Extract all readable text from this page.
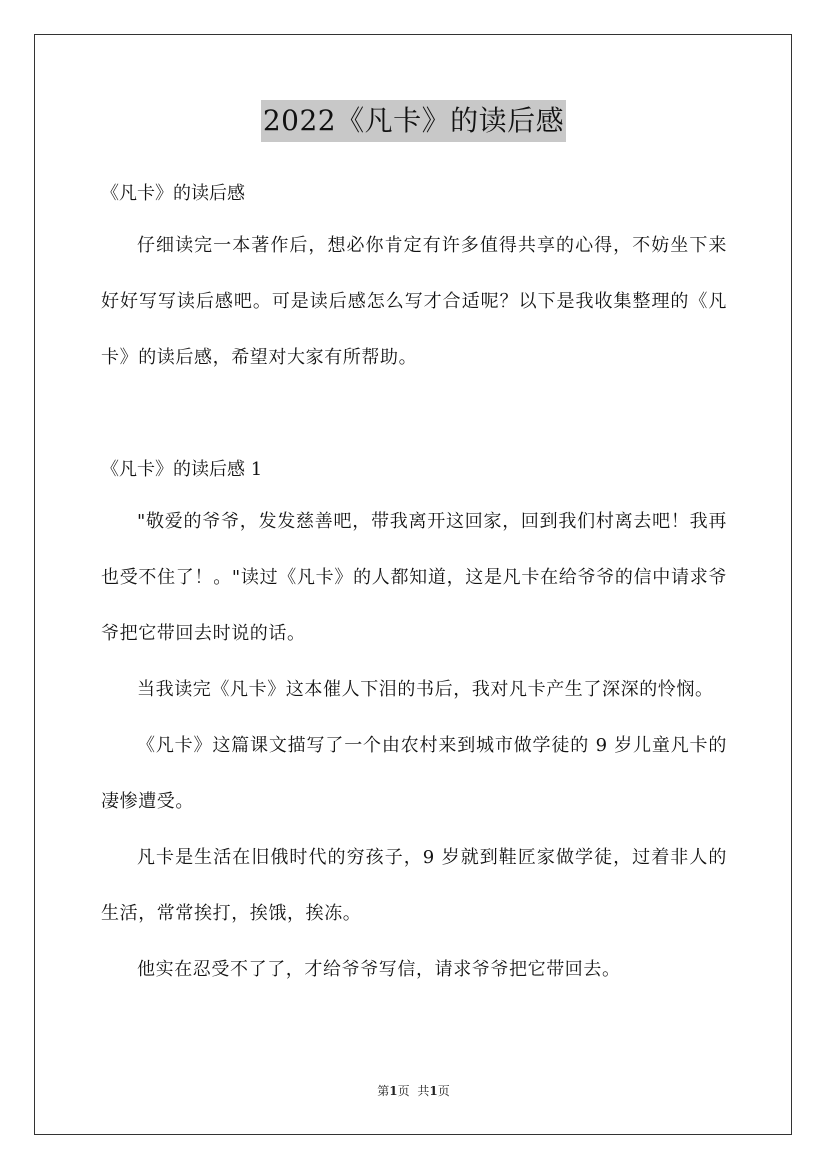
2022《凡卡》的读后感

《凡卡》的读后感

仔细读完一本著作后，想必你肯定有许多值得共享的心得，不妨坐下来好好写写读后感吧。可是读后感怎么写才合适呢？以下是我收集整理的《凡卡》的读后感，希望对大家有所帮助。

《凡卡》的读后感 1

"敬爱的爷爷，发发慈善吧，带我离开这回家，回到我们村离去吧！我再也受不住了！。"读过《凡卡》的人都知道，这是凡卡在给爷爷的信中请求爷爷把它带回去时说的话。

当我读完《凡卡》这本催人下泪的书后，我对凡卡产生了深深的怜悯。

《凡卡》这篇课文描写了一个由农村来到城市做学徒的 9 岁儿童凡卡的凄惨遭受。

凡卡是生活在旧俄时代的穷孩子，9 岁就到鞋匠家做学徒，过着非人的生活，常常挨打，挨饿，挨冻。

他实在忍受不了了，才给爷爷写信，请求爷爷把它带回去。

第1页 共1页
